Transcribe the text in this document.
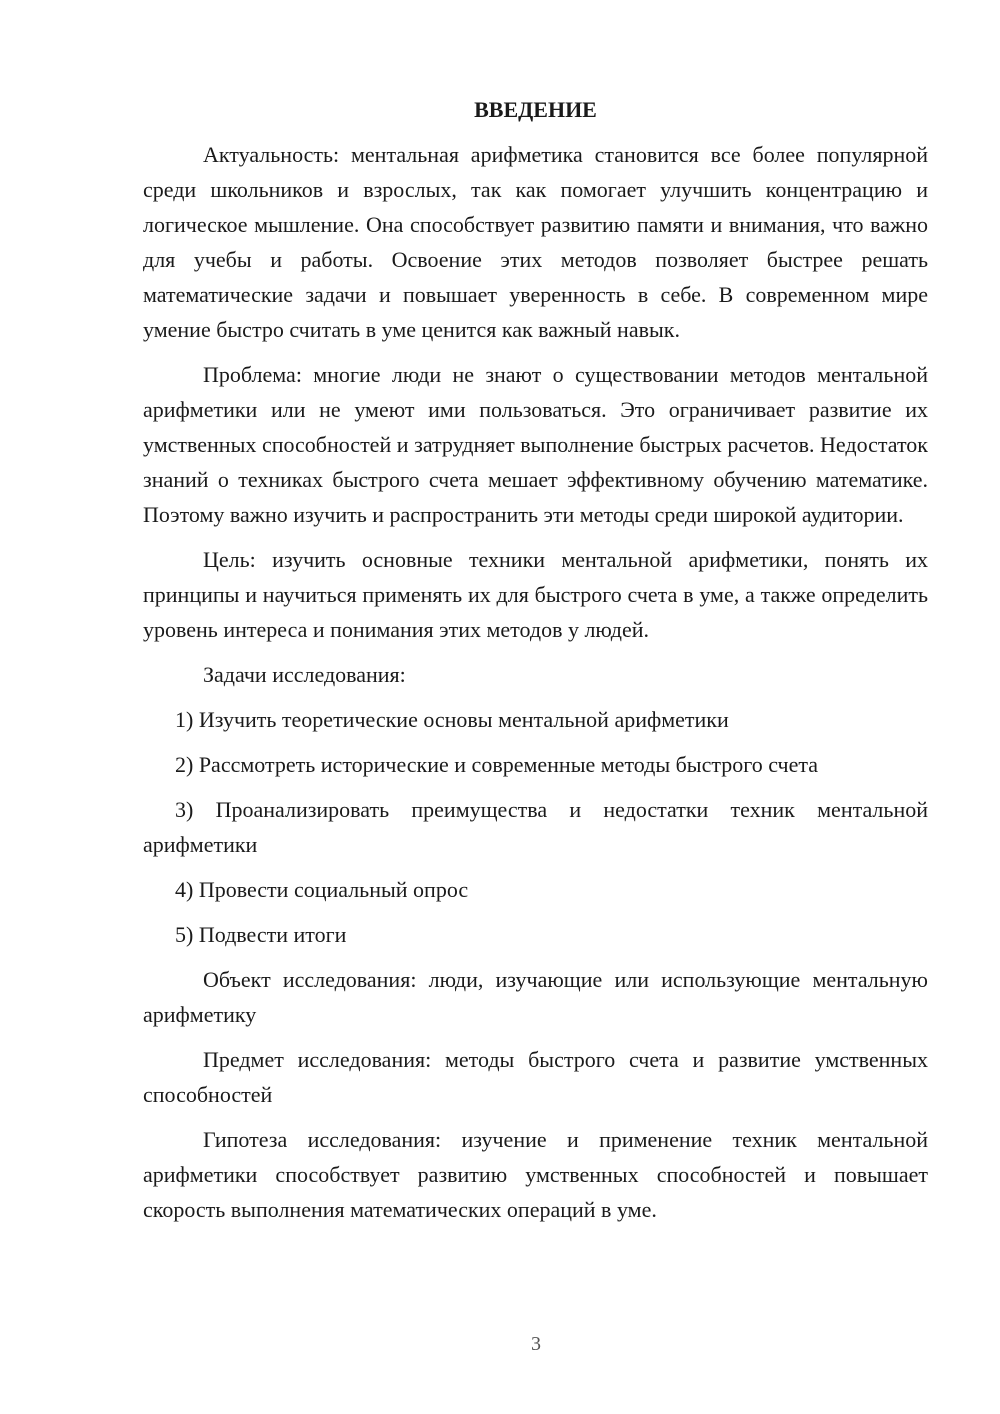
ВВЕДЕНИЕ

Актуальность: ментальная арифметика становится все более популярной среди школьников и взрослых, так как помогает улучшить концентрацию и логическое мышление. Она способствует развитию памяти и внимания, что важно для учебы и работы. Освоение этих методов позволяет быстрее решать математические задачи и повышает уверенность в себе. В современном мире умение быстро считать в уме ценится как важный навык.

Проблема: многие люди не знают о существовании методов ментальной арифметики или не умеют ими пользоваться. Это ограничивает развитие их умственных способностей и затрудняет выполнение быстрых расчетов. Недостаток знаний о техниках быстрого счета мешает эффективному обучению математике. Поэтому важно изучить и распространить эти методы среди широкой аудитории.

Цель: изучить основные техники ментальной арифметики, понять их принципы и научиться применять их для быстрого счета в уме, а также определить уровень интереса и понимания этих методов у людей.

Задачи исследования:

1) Изучить теоретические основы ментальной арифметики
2) Рассмотреть исторические и современные методы быстрого счета
3) Проанализировать преимущества и недостатки техник ментальной арифметики
4) Провести социальный опрос
5) Подвести итоги

Объект исследования: люди, изучающие или использующие ментальную арифметику

Предмет исследования: методы быстрого счета и развитие умственных способностей

Гипотеза исследования: изучение и применение техник ментальной арифметики способствует развитию умственных способностей и повышает скорость выполнения математических операций в уме.

3
